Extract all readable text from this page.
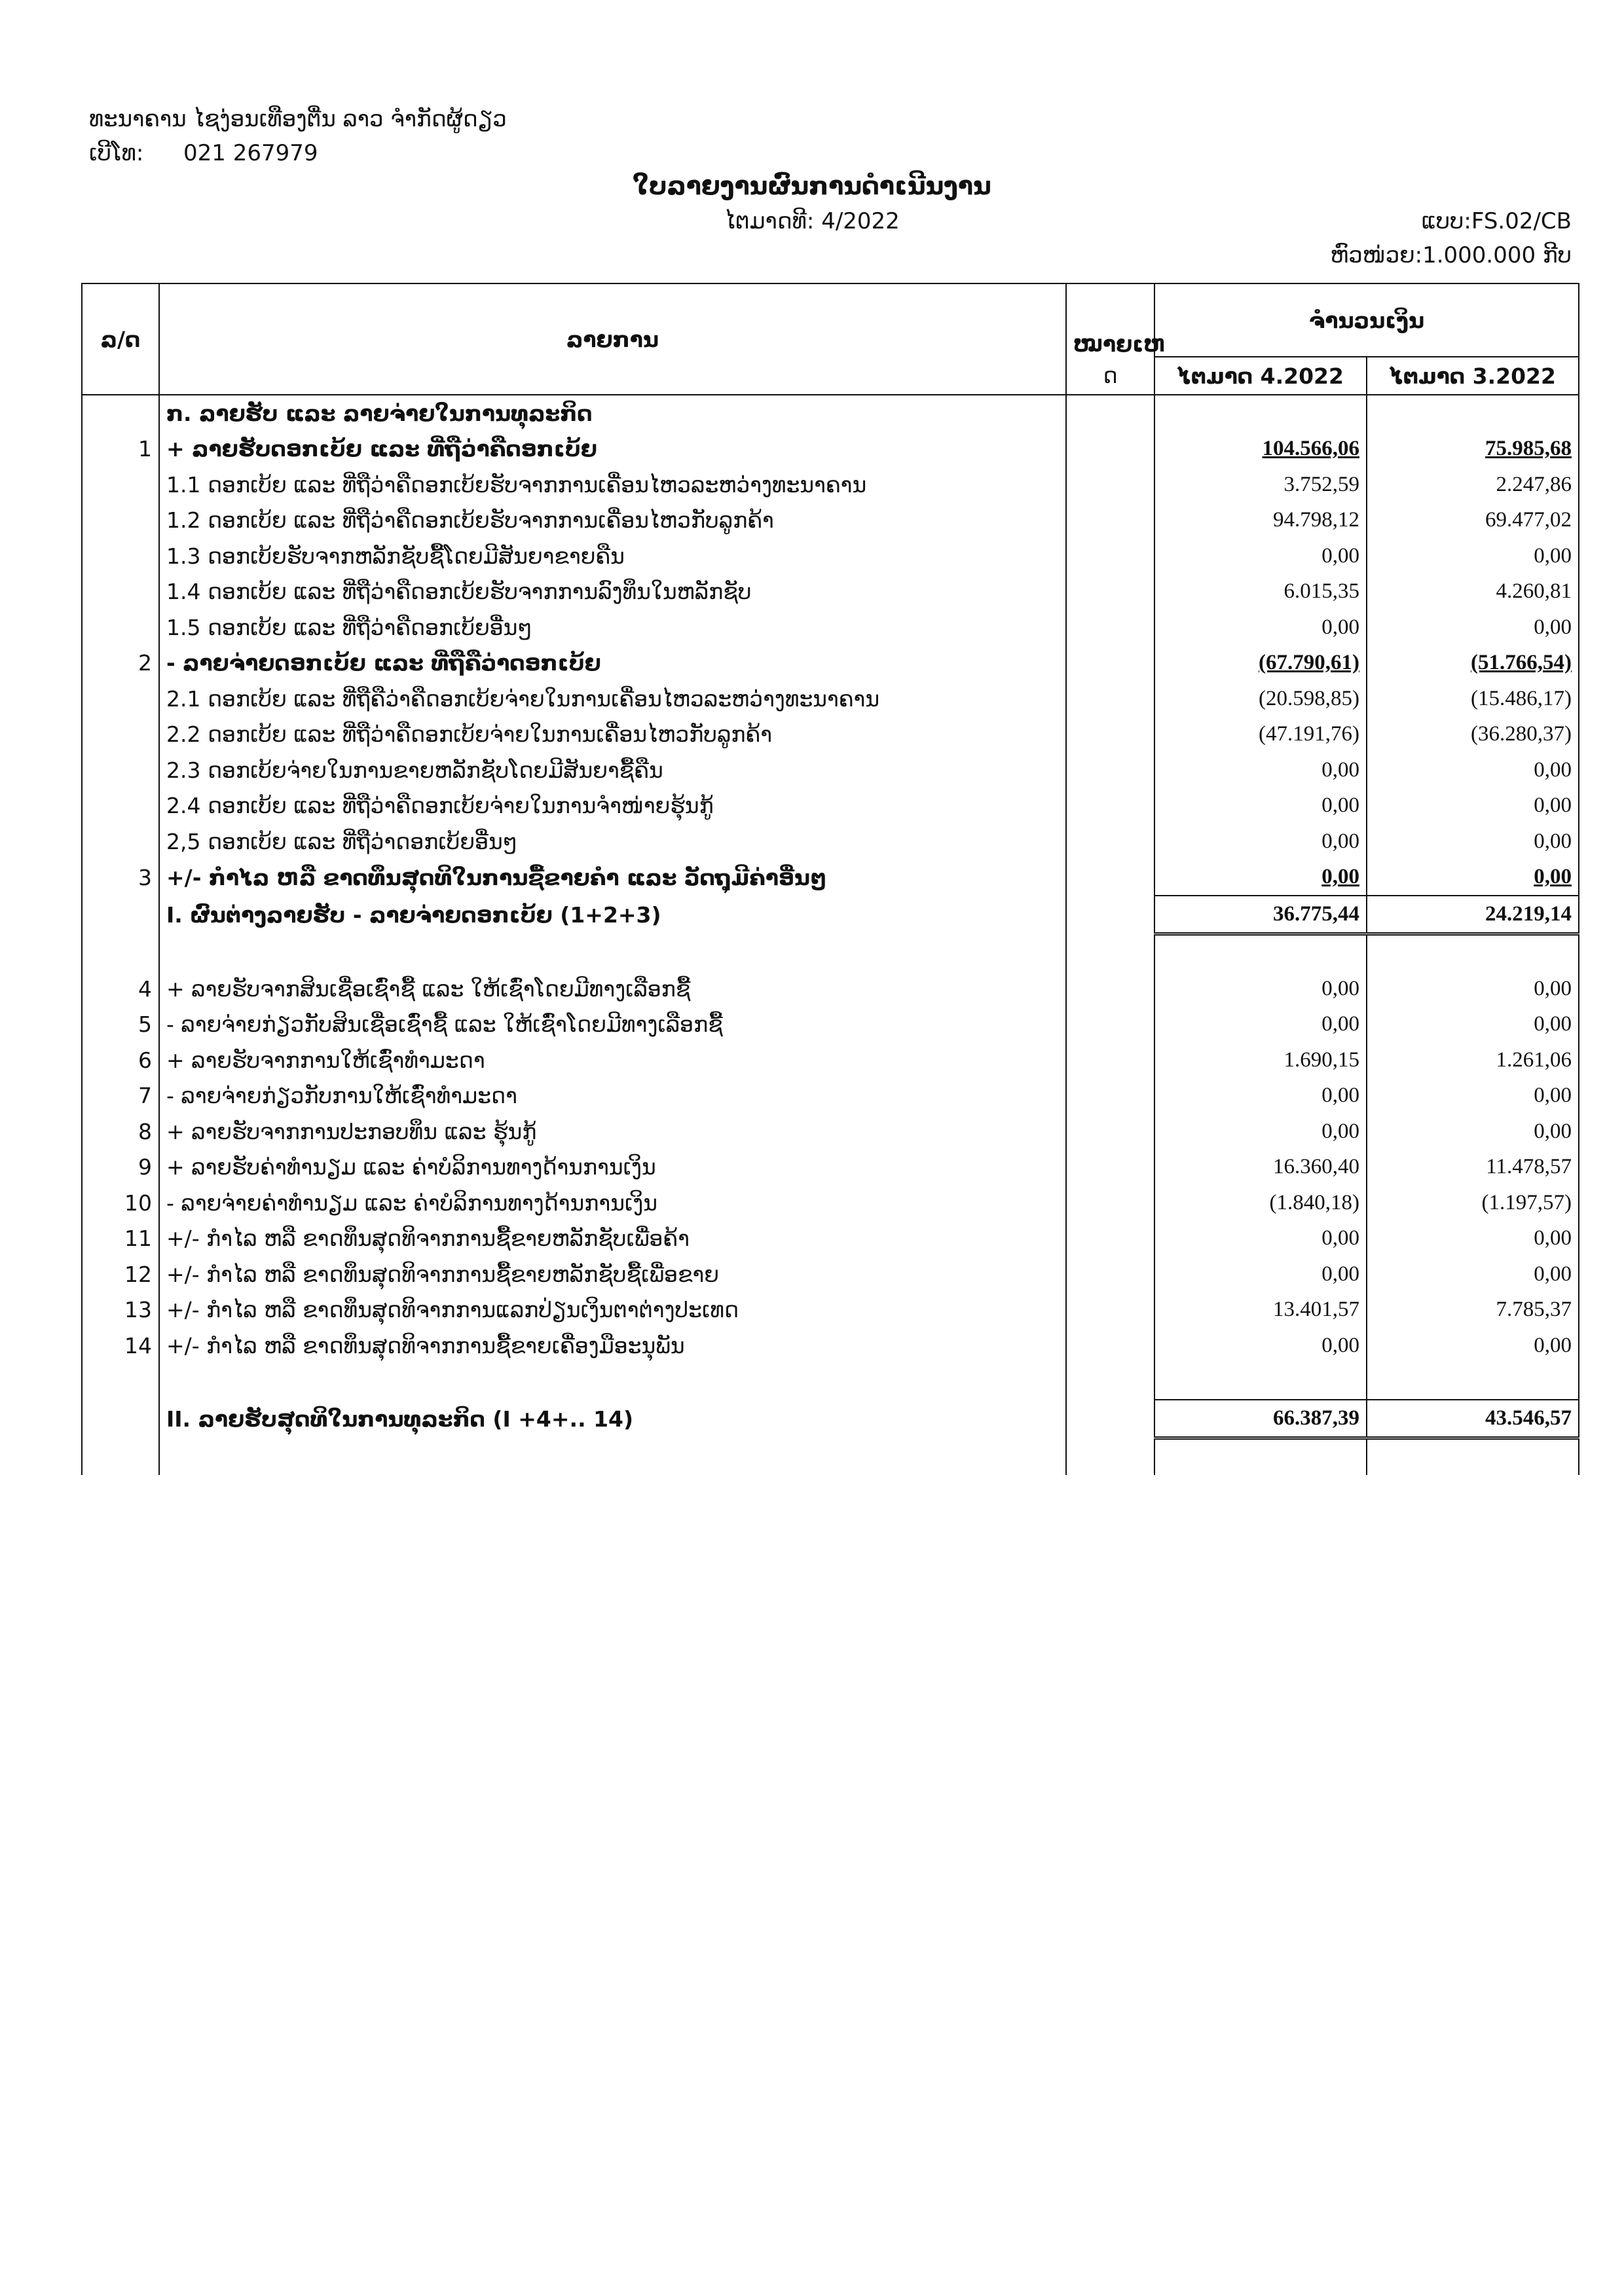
ທະນາຄານ ໄຊງ່ອນເທືອງຕື່ນ ລາວ ຈຳກັດຜູ້ດຽວ
ເບີໂທ: 021 267979
ໃບລາຍງານຜົນການດຳເນີນງານ
ໄຕມາດທີ: 4/2022	ແບບ:FS.02/CB
ຫົວໜ່ວຍ:1.000.000 ກີບ
ລ/ດ	ລາຍການ	ໝາຍເຫ	ຈຳນວນເງິນ	
		ດ	ໄຕມາດ 4.2022	ໄຕມາດ 3.2022
	ກ. ລາຍຮັບ ແລະ ລາຍຈ່າຍໃນການທຸລະກິດ			
1	+ ລາຍຮັບດອກເບ້ຍ ແລະ ທີ່ຖືວ່າຄືດອກເບ້ຍ		104.566,06	75.985,68
	1.1 ດອກເບ້ຍ ແລະ ທີ່ຖືວ່າຄືດອກເບ້ຍຮັບຈາກການເຄື່ອນໄຫວລະຫວ່າງທະນາຄານ		3.752,59	2.247,86
	1.2 ດອກເບ້ຍ ແລະ ທີ່ຖືວ່າຄືດອກເບ້ຍຮັບຈາກການເຄື່ອນໄຫວກັບລູກຄ້າ		94.798,12	69.477,02
	1.3 ດອກເບ້ຍຮັບຈາກຫລັກຊັບຊື້ໂດຍມີສັນຍາຂາຍຄືນ		0,00	0,00
	1.4 ດອກເບ້ຍ ແລະ ທີ່ຖືວ່າຄືດອກເບ້ຍຮັບຈາກການລົງທຶນໃນຫລັກຊັບ		6.015,35	4.260,81
	1.5 ດອກເບ້ຍ ແລະ ທີ່ຖືວ່າຄືດອກເບ້ຍອື່ນໆ		0,00	0,00
2	- ລາຍຈ່າຍດອກເບ້ຍ ແລະ ທີ່ຖືຄືວ່າດອກເບ້ຍ		(67.790,61)	(51.766,54)
	2.1 ດອກເບ້ຍ ແລະ ທີ່ຖືຄືວ່າຄືດອກເບ້ຍຈ່າຍໃນການເຄື່ອນໄຫວລະຫວ່າງທະນາຄານ		(20.598,85)	(15.486,17)
	2.2 ດອກເບ້ຍ ແລະ ທີ່ຖືວ່າຄືດອກເບ້ຍຈ່າຍໃນການເຄື່ອນໄຫວກັບລູກຄ້າ		(47.191,76)	(36.280,37)
	2.3 ດອກເບ້ຍຈ່າຍໃນການຂາຍຫລັກຊັບໂດຍມີສັນຍາຊື້ຄືນ		0,00	0,00
	2.4 ດອກເບ້ຍ ແລະ ທີ່ຖືວ່າຄືດອກເບ້ຍຈ່າຍໃນການຈຳໜ່າຍຮຸ້ນກູ້		0,00	0,00
	2,5 ດອກເບ້ຍ ແລະ ທີ່ຖືວ່າດອກເບ້ຍອື່ນໆ		0,00	0,00
3	+/- ກຳໄລ ຫລື ຂາດທຶນສຸດທິໃນການຊື້ຂາຍຄຳ ແລະ ວັດຖຸມີຄ່າອື່ນໆ		0,00	0,00
	I. ຜົນຕ່າງລາຍຮັບ - ລາຍຈ່າຍດອກເບ້ຍ (1+2+3)		36.775,44	24.219,14

4	+ ລາຍຮັບຈາກສິນເຊື່ອເຊົ່າຊື້ ແລະ ໃຫ້ເຊົ່າໂດຍມີທາງເລືອກຊື້		0,00	0,00
5	- ລາຍຈ່າຍກ່ຽວກັບສິນເຊື່ອເຊົ່າຊື້ ແລະ ໃຫ້ເຊົ່າໂດຍມີທາງເລືອກຊື້		0,00	0,00
6	+ ລາຍຮັບຈາກການໃຫ້ເຊົ່າທຳມະດາ		1.690,15	1.261,06
7	- ລາຍຈ່າຍກ່ຽວກັບການໃຫ້ເຊົ່າທຳມະດາ		0,00	0,00
8	+ ລາຍຮັບຈາກການປະກອບທຶນ ແລະ ຮຸ້ນກູ້		0,00	0,00
9	+ ລາຍຮັບຄ່າທຳນຽມ ແລະ ຄ່າບໍລິການທາງດ້ານການເງິນ		16.360,40	11.478,57
10	- ລາຍຈ່າຍຄ່າທຳນຽມ ແລະ ຄ່າບໍລິການທາງດ້ານການເງິນ		(1.840,18)	(1.197,57)
11	+/- ກຳໄລ ຫລື ຂາດທຶນສຸດທິຈາກການຊື້ຂາຍຫລັກຊັບເພື່ອຄ້າ		0,00	0,00
12	+/- ກຳໄລ ຫລື ຂາດທຶນສຸດທິຈາກການຊື້ຂາຍຫລັກຊັບຊື້ເພື່ອຂາຍ		0,00	0,00
13	+/- ກຳໄລ ຫລື ຂາດທຶນສຸດທິຈາກການແລກປ່ຽນເງິນຕາຕ່າງປະເທດ		13.401,57	7.785,37
14	+/- ກຳໄລ ຫລື ຂາດທຶນສຸດທິຈາກການຊື້ຂາຍເຄື່ອງມືອະນຸພັນ		0,00	0,00

	II. ລາຍຮັບສຸດທິໃນການທຸລະກິດ (I +4+.. 14)		66.387,39	43.546,57
